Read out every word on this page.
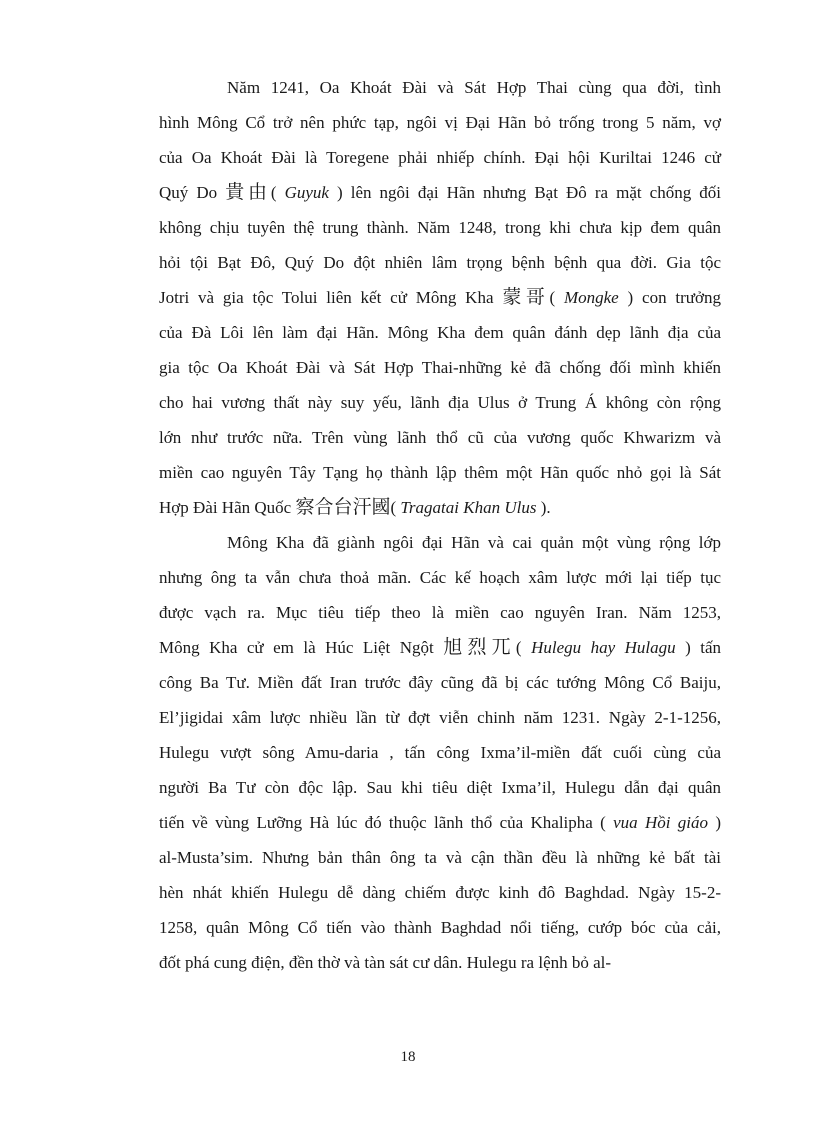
Năm 1241, Oa Khoát Đài và Sát Hợp Thai cùng qua đời, tình
hình Mông Cổ trở nên phức tạp, ngôi vị Đại Hãn bỏ trống trong 5 năm, vợ
của Oa Khoát Đài là Toregene phải nhiếp chính. Đại hội Kuriltai 1246 cử
Quý Do 貴由( Guyuk ) lên ngôi đại Hãn nhưng Bạt Đô ra mặt chống đối
không chịu tuyên thệ trung thành. Năm 1248, trong khi chưa kịp đem quân
hỏi tội Bạt Đô, Quý Do đột nhiên lâm trọng bệnh bệnh qua đời. Gia tộc
Jotri và gia tộc Tolui liên kết cử Mông Kha 蒙哥( Mongke ) con trưởng
của Đà Lôi lên làm đại Hãn. Mông Kha đem quân đánh dẹp lãnh địa của
gia tộc Oa Khoát Đài và Sát Hợp Thai-những kẻ đã chống đối mình khiến
cho hai vương thất này suy yếu, lãnh địa Ulus ở Trung Á không còn rộng
lớn như trước nữa. Trên vùng lãnh thổ cũ của vương quốc Khwarizm và
miền cao nguyên Tây Tạng họ thành lập thêm một Hãn quốc nhỏ gọi là Sát
Hợp Đài Hãn Quốc 察合台汗國( Tragatai Khan Ulus ).
Mông Kha đã giành ngôi đại Hãn và cai quản một vùng rộng lớp
nhưng ông ta vẫn chưa thoả mãn. Các kế hoạch xâm lược mới lại tiếp tục
được vạch ra. Mục tiêu tiếp theo là miền cao nguyên Iran. Năm 1253,
Mông Kha cử em là Húc Liệt Ngột 旭烈兀( Hulegu hay Hulagu ) tấn
công Ba Tư. Miền đất Iran trước đây cũng đã bị các tướng Mông Cổ Baiju,
El’jigidai xâm lược nhiều lần từ đợt viễn chinh năm 1231. Ngày 2-1-1256,
Hulegu vượt sông Amu-daria , tấn công Ixma’il-miền đất cuối cùng của
người Ba Tư còn độc lập. Sau khi tiêu diệt Ixma’il, Hulegu dẫn đại quân
tiến về vùng Lưỡng Hà lúc đó thuộc lãnh thổ của Khalipha ( vua Hồi giáo )
al-Musta’sim. Nhưng bản thân ông ta và cận thần đều là những kẻ bất tài
hèn nhát khiến Hulegu dễ dàng chiếm được kinh đô Baghdad. Ngày 15-2-
1258, quân Mông Cổ tiến vào thành Baghdad nổi tiếng, cướp bóc của cải,
đốt phá cung điện, đền thờ và tàn sát cư dân. Hulegu ra lệnh bỏ al-
18
